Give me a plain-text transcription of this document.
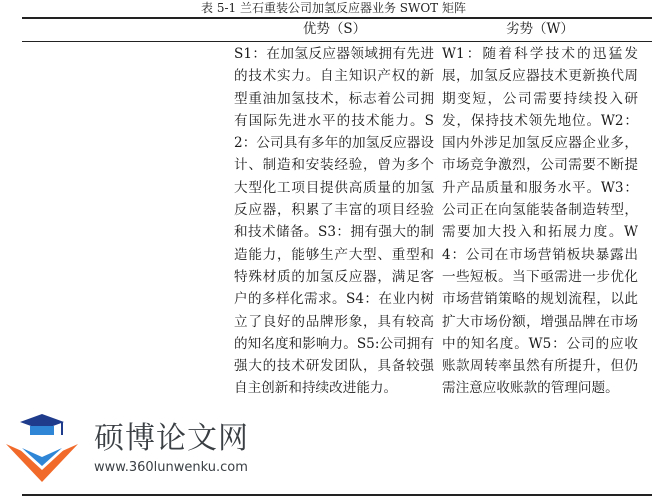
表 5-1 兰石重装公司加氢反应器业务 SWOT 矩阵
优势（S）	劣势（W）
S1：在加氢反应器领域拥有先进的技术实力。自主知识产权的新型重油加氢技术，标志着公司拥有国际先进水平的技术能力。S2：公司具有多年的加氢反应器设计、制造和安装经验，曾为多个大型化工项目提供高质量的加氢反应器，积累了丰富的项目经验和技术储备。S3：拥有强大的制造能力，能够生产大型、重型和特殊材质的加氢反应器，满足客户的多样化需求。S4：在业内树立了良好的品牌形象，具有较高的知名度和影响力。S5:公司拥有强大的技术研发团队，具备较强自主创新和持续改进能力。
W1：随着科学技术的迅猛发展，加氢反应器技术更新换代周期变短，公司需要持续投入研发，保持技术领先地位。W2：国内外涉足加氢反应器企业多，市场竞争激烈，公司需要不断提升产品质量和服务水平。W3：公司正在向氢能装备制造转型，需要加大投入和拓展力度。W4：公司在市场营销板块暴露出一些短板。当下亟需进一步优化市场营销策略的规划流程，以此扩大市场份额，增强品牌在市场中的知名度。W5：公司的应收账款周转率虽然有所提升，但仍需注意应收账款的管理问题。
硕博论文网
www.360lunwenku.com
